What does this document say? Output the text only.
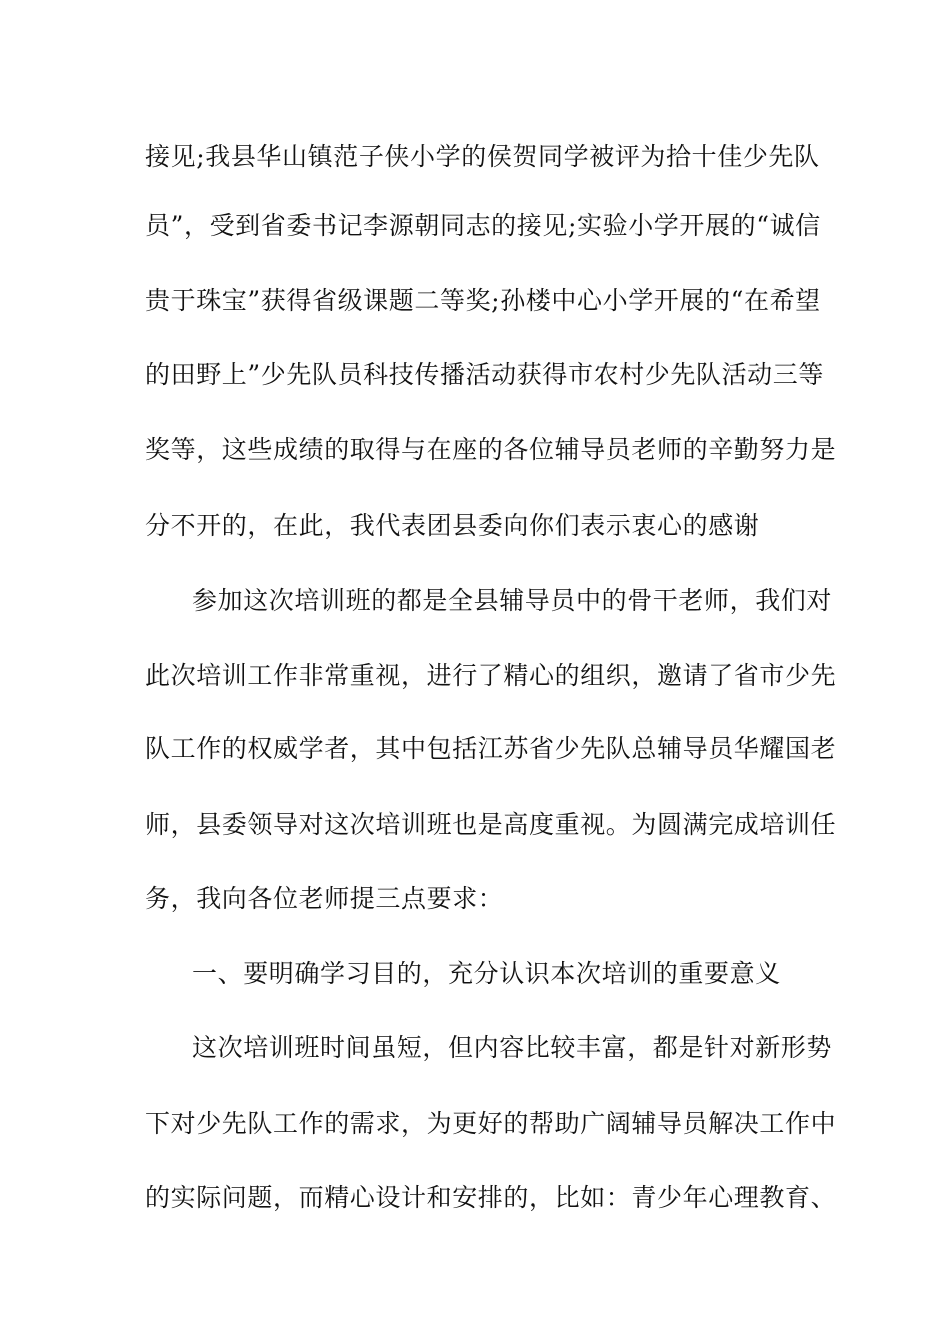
接见;我县华山镇范子侠小学的侯贺同学被评为拾十佳少先队
员”，受到省委书记李源朝同志的接见;实验小学开展的“诚信
贵于珠宝”获得省级课题二等奖;孙楼中心小学开展的“在希望
的田野上”少先队员科技传播活动获得市农村少先队活动三等
奖等，这些成绩的取得与在座的各位辅导员老师的辛勤努力是
分不开的，在此，我代表团县委向你们表示衷心的感谢
参加这次培训班的都是全县辅导员中的骨干老师，我们对
此次培训工作非常重视，进行了精心的组织，邀请了省市少先
队工作的权威学者，其中包括江苏省少先队总辅导员华耀国老
师，县委领导对这次培训班也是高度重视。为圆满完成培训任
务，我向各位老师提三点要求：
一、要明确学习目的，充分认识本次培训的重要意义
这次培训班时间虽短，但内容比较丰富，都是针对新形势
下对少先队工作的需求，为更好的帮助广阔辅导员解决工作中
的实际问题，而精心设计和安排的，比如：青少年心理教育、
